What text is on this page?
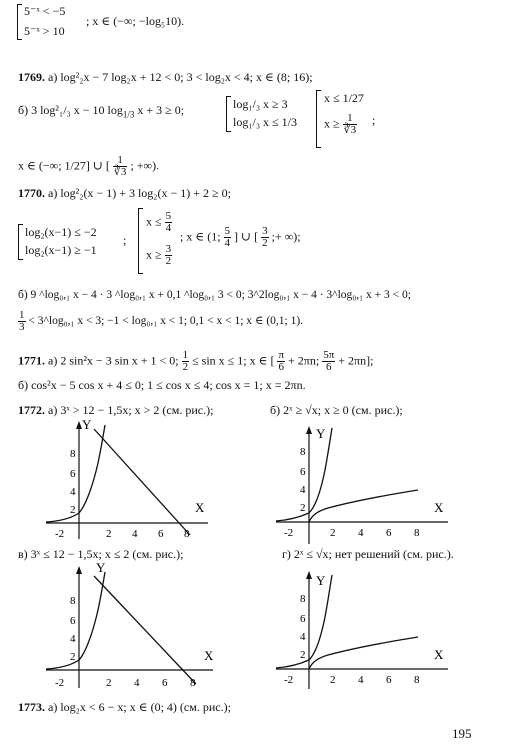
5⁻ˣ < −5
5⁻ˣ > 10
; x ∈ (−∞; −log₅10).
1769. а) log²₂x − 7 log₂x + 12 < 0; 3 < log₂x < 4; x ∈ (8; 16);
б) 3 log²₁/₃ x − 10 $\log_{1/3} x + 3 \ge 0$;	log₁/₃ x ≥ 3
log₁/₃ x ≤ 1/3
x ≤ 1/27
$x \ge \frac{1}{∛3}$ ;
x ∈ (−∞; 1/27] ∪ [ $\frac{1}{∛3}$ ; +∞).
1770. а) log²₂(x − 1) + 3 log₂(x − 1) + 2 ≥ 0;
log₂(x−1) ≤ −2
log₂(x−1) ≥ −1
;
$x \le \frac{5}{4}$
$x \ge \frac{3}{2}$
; x ∈ (1; $\frac{5}{4}$ ] ∪ [ $\frac{3}{2}$ ;+ ∞);
б) 9 ^log₀,₁ x − 4 · 3 ^log₀,₁ x + 0,1 ^log₀,₁ 3 < 0; 3^2log₀,₁ x − 4 · 3^log₀,₁ x + 3 < 0;
$\frac{1}{3}$ < 3^log₀,₁ x < 3; −1 < log₀,₁ x < 1; 0,1 < x < 1; x ∈ (0,1; 1).
1771. а) 2 sin²x − 3 sin x + 1 < 0; $\frac{1}{2} \le \sin x \le 1$; x ∈ [ $\frac{\pi}{6} + 2\pi n$; $\frac{5\pi}{6} + 2\pi n$];
б) cos²x − 5 cos x + 4 ≤ 0; 1 ≤ cos x ≤ 4; cos x = 1; x = 2πn.
1772. а) 3ˣ > 12 − 1,5x; x > 2 (см. рис.);	б) 2ˣ ≥ √x; x ≥ 0 (см. рис.);
Y
X
8
6
4
2
-2	2 4 6 8
Y
X
8
6
4
2
-2	2 4 6 8
в) 3ˣ ≤ 12 − 1,5x; x ≤ 2 (см. рис.);	г) 2ˣ ≤ √x; нет решений (см. рис.).
Y
X
8
6
4
2
-2	2 4 6 8
Y
X
8
6
4
2
-2	2 4 6 8
1773. а) log₂x < 6 − x; x ∈ (0; 4) (см. рис.);
195
